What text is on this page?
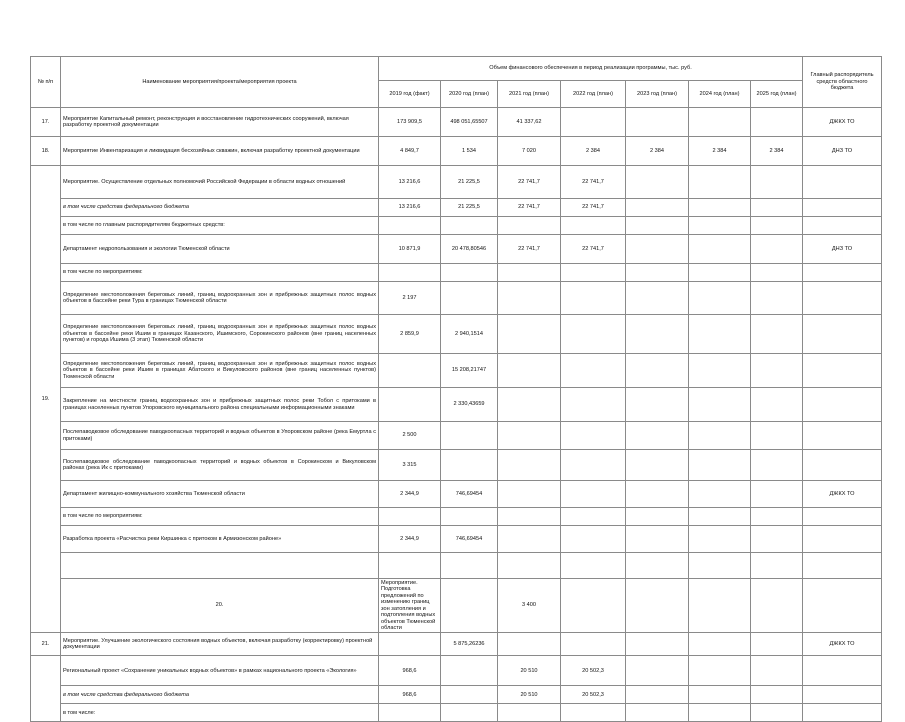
№ п/п	Наименование мероприятия/проекта/мероприятия проекта	Объем финансового обеспечения в период реализации программы, тыс. руб.							Главный распорядитель средств областного бюджета	
		2019 год (факт)	2020 год (план)	2021 год (план)	2022 год (план)	2023 год (план)	2024 год (план)	2025 год (план)		
17.	Мероприятие Капитальный ремонт, реконструкция и восстановление гидротехнических сооружений, включая разработку проектной документации	173 909,5	498 051,65507	41 337,62					ДЖКХ ТО	
18.	Мероприятие Инвентаризация и ликвидация бесхозяйных скважин, включая разработку проектной документации	4 849,7	1 534	7 020	2 384	2 384	2 384	2 384	ДНЗ ТО	
19.	Мероприятие. Осуществление отдельных полномочий Российской Федерации в области водных отношений	13 216,6	21 225,5	22 741,7	22 741,7					
	в том числе средства федерального бюджета	13 216,6	21 225,5	22 741,7	22 741,7					
	в том числе по главным распорядителям бюджетных средств:									
	Департамент недропользования и экологии Тюменской области	10 871,9	20 478,80546	22 741,7	22 741,7				ДНЗ ТО	
	в том числе по мероприятиям:									
	Определение местоположения береговых линий, границ водоохранных зон и прибрежных защитных полос водных объектов в бассейне реки Тура в границах Тюменской области	2 197								
	Определение местоположения береговых линий, границ водоохранных зон и прибрежных защитных полос водных объектов в бассейне реки Ишим в границах Казанского, Ишимского, Сорокинского районов (вне границ населенных пунктов) и города Ишима (3 этап) Тюменской области	2 859,9	2 940,1514							
	Определение местоположения береговых линий, границ водоохранных зон и прибрежных защитных полос водных объектов в бассейне реки Ишим в границах Абатского и Викуловского районов (вне границ населенных пунктов) Тюменской области		15 208,21747							
	Закрепление на местности границ водоохранных зон и прибрежных защитных полос реки Тобол с притоками в границах населенных пунктов Упоровского муниципального района специальными информационными знаками		2 330,43659							
	Послепаводковое обследование паводкоопасных территорий и водных объектов в Упоровском районе (река Емуртла с притоками)	2 500								
	Послепаводковое обследование паводкоопасных территорий и водных объектов в Сорокинском и Викуловском районах (река Ик с притоками)	3 315								
	Департамент жилищно-коммунального хозяйства Тюменской области	2 344,9	746,69454						ДЖКХ ТО	
	в том числе по мероприятиям:									
	Разработка проекта «Расчистка реки Киршинка с притоком в Армизонском районе»	2 344,9	746,69454							

	20.	Мероприятие. Подготовка предложений по изменению границ зон затопления и подтопления водных объектов Тюменской области		3 400						
21.	Мероприятие. Улучшение экологического состояния водных объектов, включая разработку (корректировку) проектной документации		5 875,26236						ДЖКХ ТО	
	Региональный проект «Сохранение уникальных водных объектов» в рамках национального проекта «Экология»	968,6		20 510	20 502,3					
	в том числе средства федерального бюджета	968,6		20 510	20 502,3					
	в том числе:									
